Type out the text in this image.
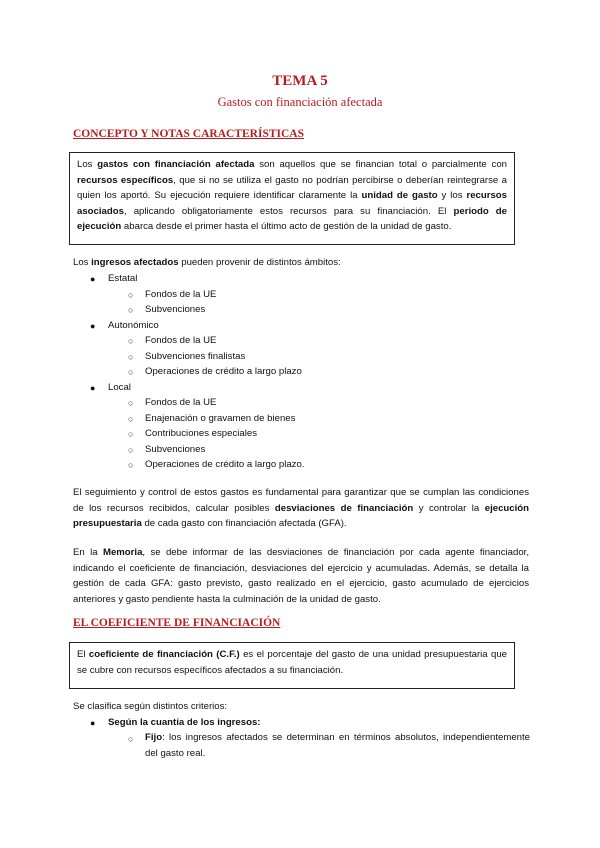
TEMA 5
Gastos con financiación afectada
CONCEPTO Y NOTAS CARACTERÍSTICAS
Los gastos con financiación afectada son aquellos que se financian total o parcialmente con recursos específicos, que si no se utiliza el gasto no podrían percibirse o deberían reintegrarse a quien los aportó. Su ejecución requiere identificar claramente la unidad de gasto y los recursos asociados, aplicando obligatoriamente estos recursos para su financiación. El periodo de ejecución abarca desde el primer hasta el último acto de gestión de la unidad de gasto.
Los ingresos afectados pueden provenir de distintos ámbitos:
● Estatal
○ Fondos de la UE
○ Subvenciones
● Autonómico
○ Fondos de la UE
○ Subvenciones finalistas
○ Operaciones de crédito a largo plazo
● Local
○ Fondos de la UE
○ Enajenación o gravamen de bienes
○ Contribuciones especiales
○ Subvenciones
○ Operaciones de crédito a largo plazo.
El seguimiento y control de estos gastos es fundamental para garantizar que se cumplan las condiciones de los recursos recibidos, calcular posibles desviaciones de financiación y controlar la ejecución presupuestaria de cada gasto con financiación afectada (GFA).
En la Memoria, se debe informar de las desviaciones de financiación por cada agente financiador, indicando el coeficiente de financiación, desviaciones del ejercicio y acumuladas. Además, se detalla la gestión de cada GFA: gasto previsto, gasto realizado en el ejercicio, gasto acumulado de ejercicios anteriores y gasto pendiente hasta la culminación de la unidad de gasto.
EL COEFICIENTE DE FINANCIACIÓN
El coeficiente de financiación (C.F.) es el porcentaje del gasto de una unidad presupuestaria que se cubre con recursos específicos afectados a su financiación.
Se clasifica según distintos criterios:
● Según la cuantía de los ingresos:
○ Fijo: los ingresos afectados se determinan en términos absolutos, independientemente del gasto real.
